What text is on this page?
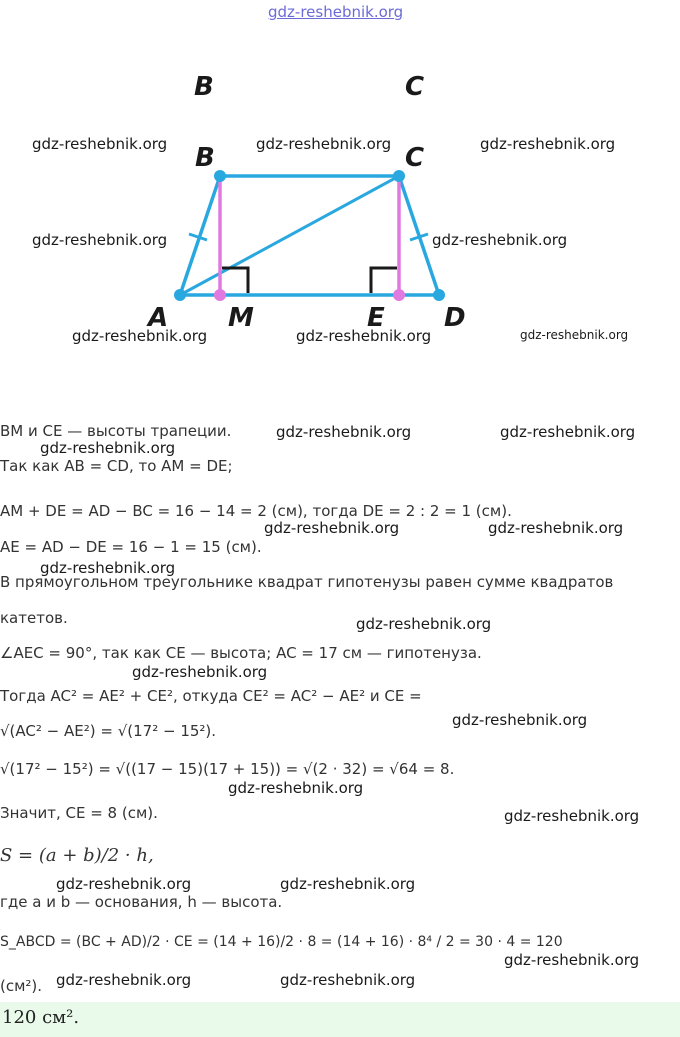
gdz-reshebnik.org
gdz-reshebnik.org	gdz-reshebnik.org	gdz-reshebnik.org
gdz-reshebnik.org	gdz-reshebnik.org
gdz-reshebnik.org	gdz-reshebnik.org	gdz-reshebnik.org
B	C
B	C
A M	E D
BM и CE — высоты трапеции.	gdz-reshebnik.org	gdz-reshebnik.org
gdz-reshebnik.org
Так как AB = CD, то AM = DE;
AM + DE = AD − BC = 16 − 14 = 2 (см), тогда DE = 2 : 2 = 1 (см).
gdz-reshebnik.org	gdz-reshebnik.org
AE = AD − DE = 16 − 1 = 15 (см).
gdz-reshebnik.org
В прямоугольном треугольнике квадрат гипотенузы равен сумме квадратов
катетов.	gdz-reshebnik.org
∠AEC = 90°, так как CE — высота; AC = 17 см — гипотенуза.
gdz-reshebnik.org
Тогда AC² = AE² + CE², откуда CE² = AC² − AE² и CE =
√(AC² − AE²) = √(17² − 15²).
gdz-reshebnik.org
√(17² − 15²) = √((17 − 15)(17 + 15)) = √(2 · 32) = √64 = 8.
gdz-reshebnik.org
Значит, CE = 8 (см).	gdz-reshebnik.org
S = (a + b)/2 · h,
gdz-reshebnik.org	gdz-reshebnik.org
где a и b — основания, h — высота.
S_ABCD = (BC + AD)/2 · CE = (14 + 16)/2 · 8 = (14 + 16) · 8⁴ / 2 = 30 · 4 = 120
gdz-reshebnik.org
(см²). gdz-reshebnik.org	gdz-reshebnik.org
120 см².
